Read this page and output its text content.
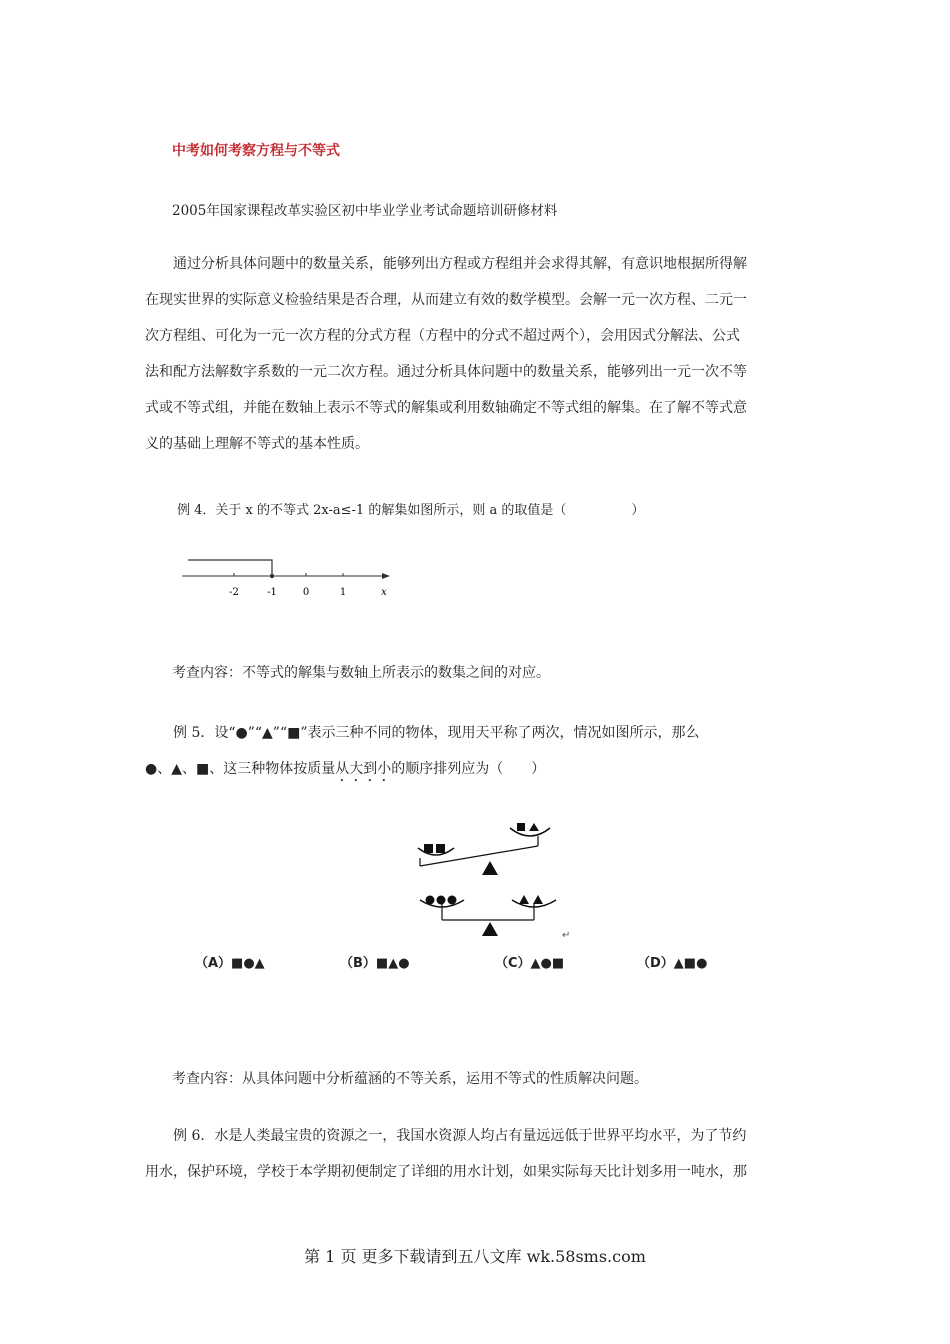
中考如何考察方程与不等式
2005年国家课程改革实验区初中毕业学业考试命题培训研修材料
通过分析具体问题中的数量关系，能够列出方程或方程组并会求得其解，有意识地根据所得解
在现实世界的实际意义检验结果是否合理，从而建立有效的数学模型。会解一元一次方程、二元一
次方程组、可化为一元一次方程的分式方程（方程中的分式不超过两个），会用因式分解法、公式
法和配方法解数字系数的一元二次方程。通过分析具体问题中的数量关系，能够列出一元一次不等
式或不等式组，并能在数轴上表示不等式的解集或利用数轴确定不等式组的解集。在了解不等式意
义的基础上理解不等式的基本性质。
例 4．关于 x 的不等式 2x-a≤-1 的解集如图所示，则 a 的取值是（　　　　　）
-2	-1	0	1	x
考查内容：不等式的解集与数轴上所表示的数集之间的对应。
例 5．设“●”“▲”“■”表示三种不同的物体，现用天平称了两次，情况如图所示，那么
●、▲、■、这三种物体按质量从大到小的顺序排列应为（　　）
↵
（A）■●▲	（B）■▲●	（C）▲●■	（D）▲■●
考查内容：从具体问题中分析蕴涵的不等关系，运用不等式的性质解决问题。
例 6．水是人类最宝贵的资源之一，我国水资源人均占有量远远低于世界平均水平，为了节约
用水，保护环境，学校于本学期初便制定了详细的用水计划，如果实际每天比计划多用一吨水，那
第 1 页 更多下载请到五八文库 wk.58sms.com
